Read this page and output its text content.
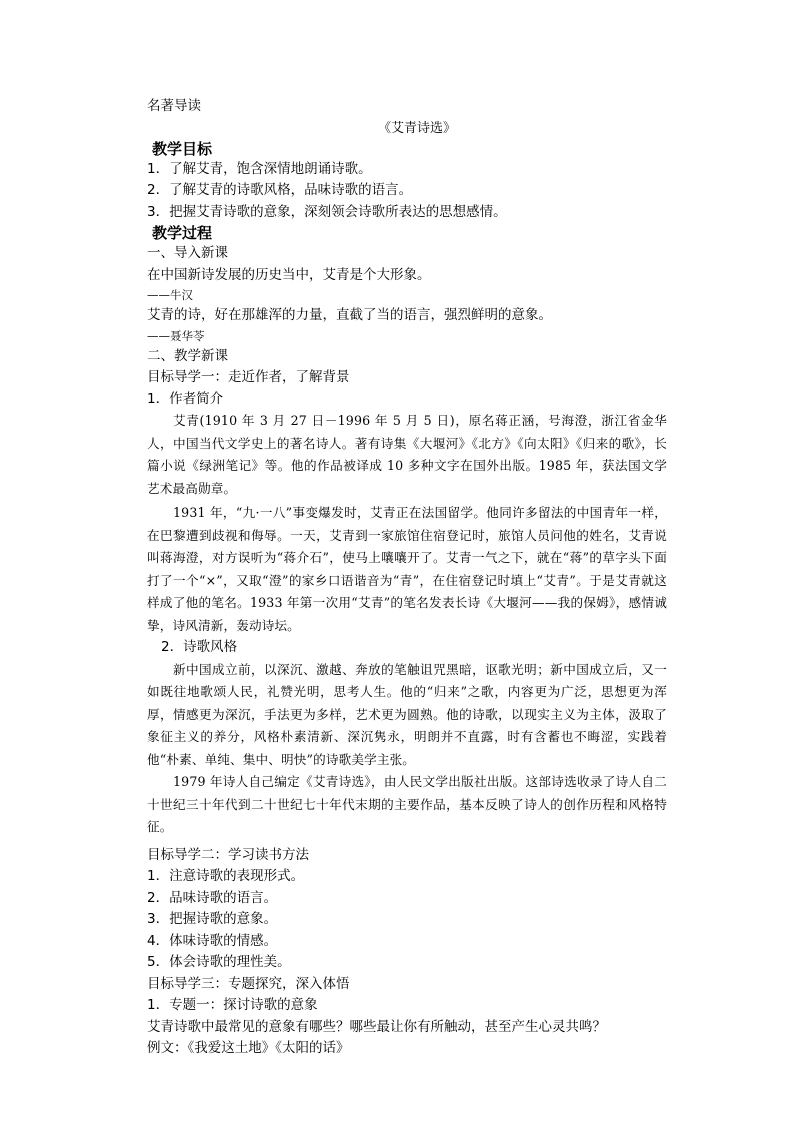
名著导读
《艾青诗选》
教学目标
1．了解艾青，饱含深情地朗诵诗歌。
2．了解艾青的诗歌风格，品味诗歌的语言。
3．把握艾青诗歌的意象，深刻领会诗歌所表达的思想感情。
教学过程
一、导入新课
在中国新诗发展的历史当中，艾青是个大形象。
——牛汉
艾青的诗，好在那雄浑的力量，直截了当的语言，强烈鲜明的意象。
——聂华苓
二、教学新课
目标导学一：走近作者，了解背景
1．作者简介

艾青(1910 年 3 月 27 日－1996 年 5 月 5 日)，原名蒋正涵，号海澄，浙江省金华人，中国当代文学史上的著名诗人。著有诗集《大堰河》《北方》《向太阳》《归来的歌》，长篇小说《绿洲笔记》等。他的作品被译成 10 多种文字在国外出版。1985 年，获法国文学艺术最高勋章。

1931 年，“九·一八”事变爆发时，艾青正在法国留学。他同许多留法的中国青年一样，在巴黎遭到歧视和侮辱。一天，艾青到一家旅馆住宿登记时，旅馆人员问他的姓名，艾青说叫蒋海澄，对方误听为“蒋介石”，使马上嚷嚷开了。艾青一气之下，就在“蒋”的草字头下面打了一个“×”，又取“澄”的家乡口语谐音为“青”，在住宿登记时填上“艾青”。于是艾青就这样成了他的笔名。1933 年第一次用“艾青”的笔名发表长诗《大堰河——我的保姆》，感情诚挚，诗风清新，轰动诗坛。

2．诗歌风格

新中国成立前，以深沉、激越、奔放的笔触诅咒黑暗，讴歌光明；新中国成立后，又一如既往地歌颂人民，礼赞光明，思考人生。他的“归来”之歌，内容更为广泛，思想更为浑厚，情感更为深沉，手法更为多样，艺术更为圆熟。他的诗歌，以现实主义为主体，汲取了象征主义的养分，风格朴素清新、深沉隽永，明朗并不直露，时有含蓄也不晦涩，实践着他“朴素、单纯、集中、明快”的诗歌美学主张。

1979 年诗人自己编定《艾青诗选》，由人民文学出版社出版。这部诗选收录了诗人自二十世纪三十年代到二十世纪七十年代末期的主要作品，基本反映了诗人的创作历程和风格特征。

目标导学二：学习读书方法
1．注意诗歌的表现形式。
2．品味诗歌的语言。
3．把握诗歌的意象。
4．体味诗歌的情感。
5．体会诗歌的理性美。
目标导学三：专题探究，深入体悟
1．专题一：探讨诗歌的意象
艾青诗歌中最常见的意象有哪些？哪些最让你有所触动，甚至产生心灵共鸣？
例文：《我爱这土地》《太阳的话》
